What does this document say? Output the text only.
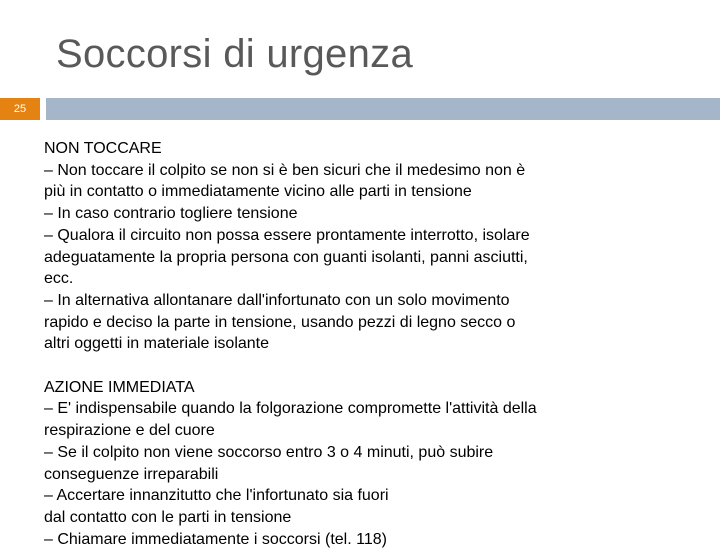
Soccorsi di urgenza
25
NON TOCCARE
– Non toccare il colpito se non si è ben sicuri che il medesimo non è
più in contatto o immediatamente vicino alle parti in tensione
– In caso contrario togliere tensione
– Qualora il circuito non possa essere prontamente interrotto, isolare
adeguatamente la propria persona con guanti isolanti, panni asciutti,
ecc.
– In alternativa allontanare dall'infortunato con un solo movimento
rapido e deciso la parte in tensione, usando pezzi di legno secco o
altri oggetti in materiale isolante
AZIONE IMMEDIATA
– E' indispensabile quando la folgorazione compromette l'attività della
respirazione e del cuore
– Se il colpito non viene soccorso entro 3 o 4 minuti, può subire
conseguenze irreparabili
– Accertare innanzitutto che l'infortunato sia fuori
dal contatto con le parti in tensione
– Chiamare immediatamente i soccorsi (tel. 118)
